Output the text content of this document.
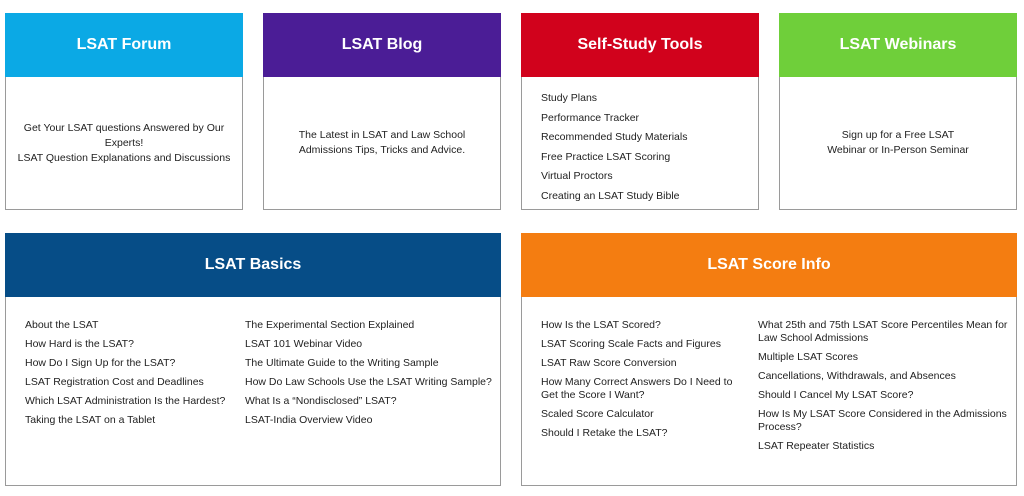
LSAT Forum
Get Your LSAT questions Answered by Our
Experts!
LSAT Question Explanations and Discussions
LSAT Blog
The Latest in LSAT and Law School
Admissions Tips, Tricks and Advice.
Self-Study Tools
Study Plans
Performance Tracker
Recommended Study Materials
Free Practice LSAT Scoring
Virtual Proctors
Creating an LSAT Study Bible
LSAT Webinars
Sign up for a Free LSAT
Webinar or In-Person Seminar
LSAT Basics
About the LSAT
How Hard is the LSAT?
How Do I Sign Up for the LSAT?
LSAT Registration Cost and Deadlines
Which LSAT Administration Is the Hardest?
Taking the LSAT on a Tablet
The Experimental Section Explained
LSAT 101 Webinar Video
The Ultimate Guide to the Writing Sample
How Do Law Schools Use the LSAT Writing Sample?
What Is a “Nondisclosed” LSAT?
LSAT-India Overview Video
LSAT Score Info
How Is the LSAT Scored?
LSAT Scoring Scale Facts and Figures
LSAT Raw Score Conversion
How Many Correct Answers Do I Need to Get the Score I Want?
Scaled Score Calculator
Should I Retake the LSAT?
What 25th and 75th LSAT Score Percentiles Mean for Law School Admissions
Multiple LSAT Scores
Cancellations, Withdrawals, and Absences
Should I Cancel My LSAT Score?
How Is My LSAT Score Considered in the Admissions Process?
LSAT Repeater Statistics
